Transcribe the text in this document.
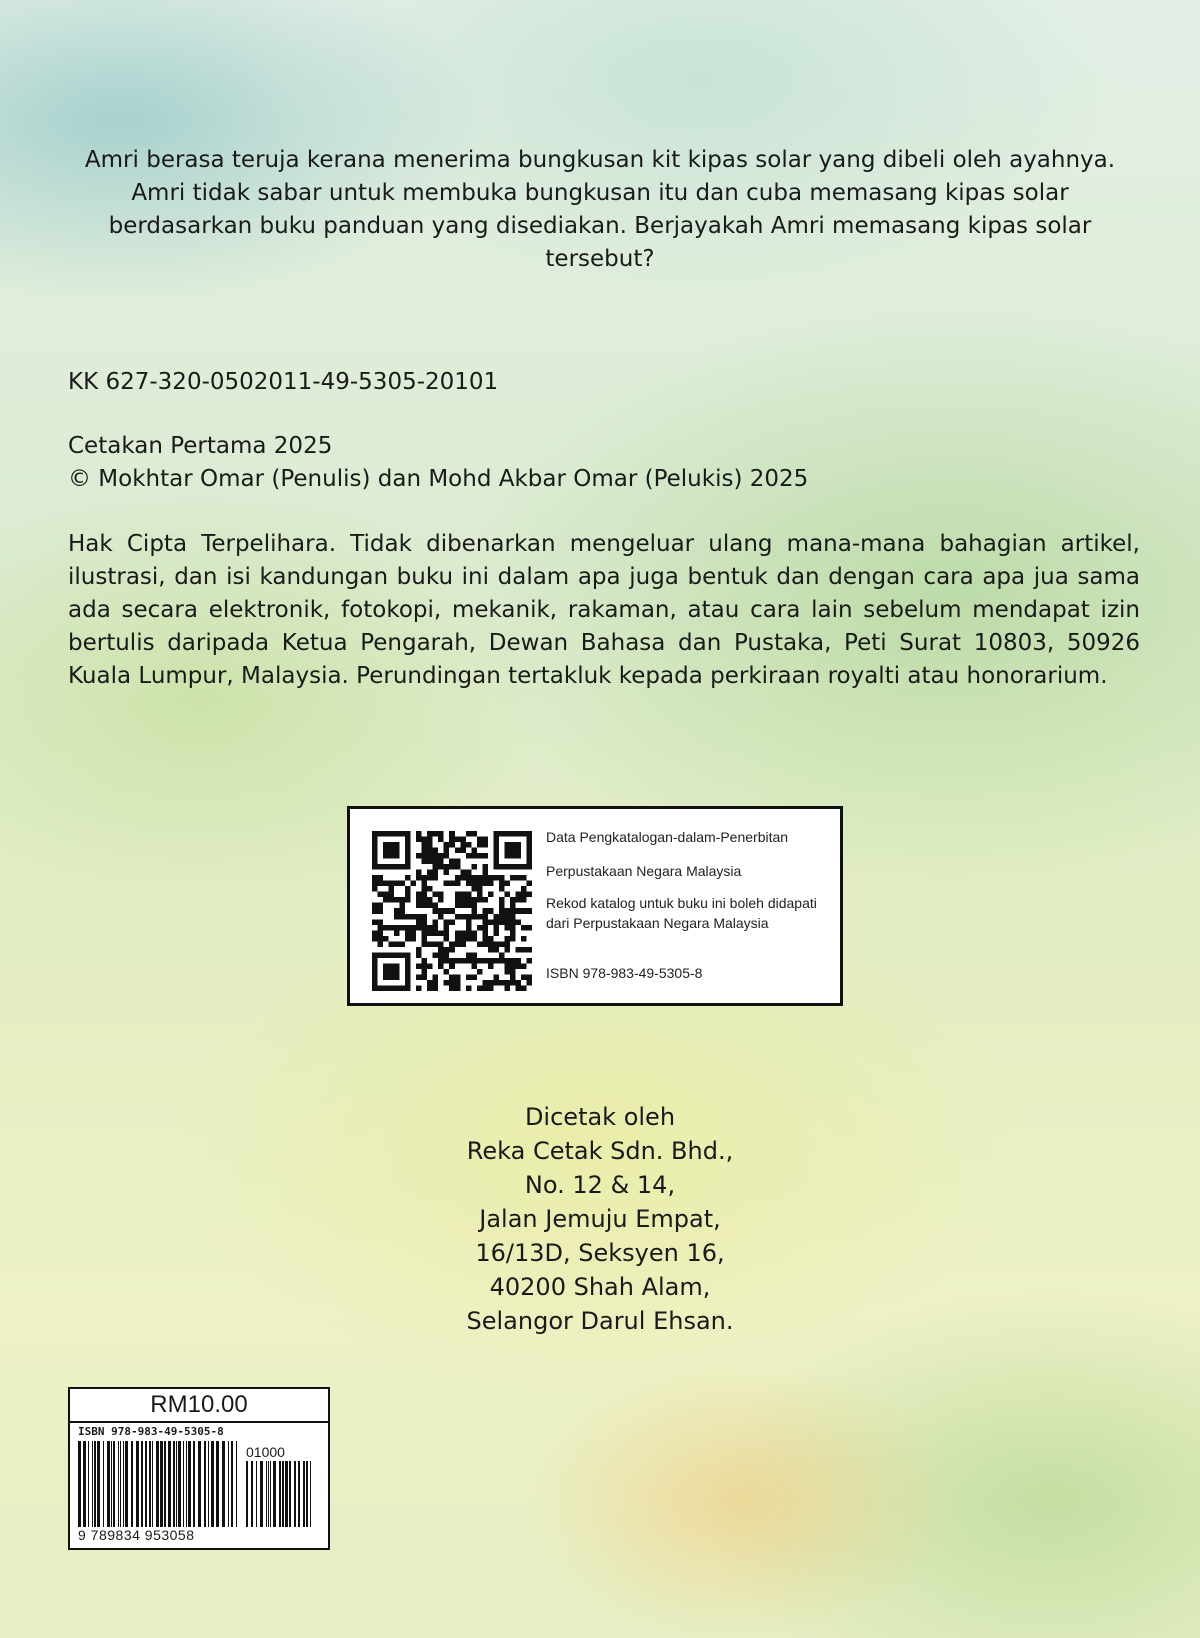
Amri berasa teruja kerana menerima bungkusan kit kipas solar yang dibeli oleh ayahnya. Amri tidak sabar untuk membuka bungkusan itu dan cuba memasang kipas solar berdasarkan buku panduan yang disediakan. Berjayakah Amri memasang kipas solar tersebut?

KK 627-320-0502011-49-5305-20101

Cetakan Pertama 2025
© Mokhtar Omar (Penulis) dan Mohd Akbar Omar (Pelukis) 2025

Hak Cipta Terpelihara. Tidak dibenarkan mengeluar ulang mana-mana bahagian artikel, ilustrasi, dan isi kandungan buku ini dalam apa juga bentuk dan dengan cara apa jua sama ada secara elektronik, fotokopi, mekanik, rakaman, atau cara lain sebelum mendapat izin bertulis daripada Ketua Pengarah, Dewan Bahasa dan Pustaka, Peti Surat 10803, 50926 Kuala Lumpur, Malaysia. Perundingan tertakluk kepada perkiraan royalti atau honorarium.

Data Pengkatalogan-dalam-Penerbitan
Perpustakaan Negara Malaysia
Rekod katalog untuk buku ini boleh didapati
dari Perpustakaan Negara Malaysia
ISBN 978-983-49-5305-8
Dicetak oleh
Reka Cetak Sdn. Bhd.,
No. 12 & 14,
Jalan Jemuju Empat,
16/13D, Seksyen 16,
40200 Shah Alam,
Selangor Darul Ehsan.
RM10.00
ISBN 978-983-49-5305-8
01000
9 789834 953058
